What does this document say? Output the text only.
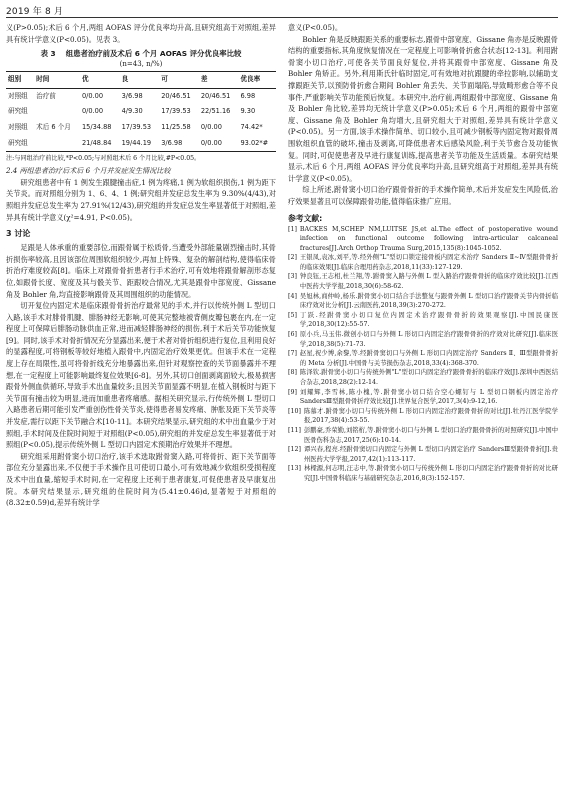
2019 年 8 月

义(P>0.05);术后 6 个月,两组 AOFAS 评分优良率均升高,且研究组高于对照组,差异具有统计学意义(P<0.05)。见表 3。

表 3 组患者治疗前及术后 6 个月 AOFAS 评分优良率比较
(n=43, n/%)
组别	时间	优	良	可	差	优良率
对照组	治疗前	0/0.00	3/6.98	20/46.51	20/46.51	6.98
研究组		0/0.00	4/9.30	17/39.53	22/51.16	9.30
对照组	术后 6 个月	15/34.88	17/39.53	11/25.58	0/0.00	74.42*
研究组		21/48.84	19/44.19	3/6.98	0/0.00	93.02*#
注:与同组治疗前比较,*P<0.05;与对照组术后 6 个月比较,#P<0.05。
2.4 两组患者治疗后术后 6 个月并发症发生情况比较

研究组患者中有 1 例发生跟腱撞击症,1 例为疼痛,1 例为软组织损伤,1 例为距下关节炎。而对照组分别为 1、6、4、1 例;研究组并发症总发生率为 9.30%(4/43),对照组并发症总发生率为 27.91%(12/43),研究组的并发症总发生率显著低于对照组,差异具有统计学意义(χ²=4.91, P<0.05)。

3 讨论

足跟是人体承重的重要部位,而跟骨属于松质骨,当遭受外部能量剧烈撞击时,其骨折损伤率较高,且因该部位周围软组织较少,再加上特殊、复杂的解剖结构,使得临床骨折治疗难度较高[8]。临床上对跟骨骨折患者行手术治疗,可有效地将跟骨解剖形态复位,如跟骨长度、宽度及其与骰关节、距跟咬合情况,尤其是跟骨中部宽度、Gissane 角及 Bohler 角,均直接影响跟骨及其周围组织的功能情况。

切开复位内固定术是临床跟骨骨折治疗最常见的手术,并行以传统外侧 L 型切口入路,该手术对腓骨肌腱、腓肠神经无影响,可使其完整地被背侧皮瓣包裹在内,在一定程度上可保障后腓肠动脉供血正常,进而减轻腓肠神经的损伤,利于术后关节功能恢复[9]。同时,该手术对骨折情况充分显露出来,便于术者对骨折组织进行复位,且利用良好的显露程度,可将钢板等较好地植入跟骨中,内固定治疗效果更优。但该手术在一定程度上存在局限性,虽可将骨折线充分地暴露出来,但针对观察控查的关节面暴露并不理想,在一定程度上可能影响最终复位效果[6-8]。另外,其切口创面剥离面较大,极易损害跟骨外侧血供循环,导致手术出血量较多;且因关节面显露不明显,在植入钢板时与距下关节面有撞击较为明显,进而加重患者疼痛感。据相关研究显示,行传统外侧 L 型切口入路患者后期可能引发严重创伤性骨关节炎,使得患者易发疼痛、肿胀及距下关节炎等并发症,需行以距下关节融合术[10-11]。本研究结果显示,研究组的术中出血量少于对照组,手术时间及住院时间短于对照组(P<0.05),研究组的并发症总发生率显著低于对照组(P<0.05),提示传统外侧 L 型切口内固定术预期治疗效果并不理想。

研究组采用跗骨窦小切口治疗,该手术选取跗骨窦入路,可将骨折、距下关节面等部位充分显露出来,不仅便于手术操作且可使切口最小,可有效地减少软组织受损程度及术中出血量,缩短手术时间,在一定程度上还利于患者康复,可促使患者及早康复出院。本研究结果显示,研究组的住院时间为(5.41±0.46)d,显著短于对照组的(8.32±0.59)d,差异有统计学

意义(P<0.05)。

Bohler 角是反映跟距关系的重要标志,跟骨中部宽度、Gissane 角亦是反映跟骨结构的重要指标,其角度恢复情况在一定程度上可影响骨折愈合状态[12-13]。利用跗骨窦小切口治疗,可使各关节面良好复位,并将其跟骨中部宽度、Gissane 角及 Bohler 角矫正。另外,利用斯氏针临时固定,可有效地对抗跟腱的牵拉影响,以辅助支撑跟距关节,以预防骨折愈合期间 Bohler 角丢失、关节面塌陷,导致畸形愈合等不良事件,严重影响关节功能预后恢复。本研究中,治疗前,两组跟骨中部宽度、Gissane 角及 Bohler 角比较,差异均无统计学意义(P>0.05);术后 6 个月,两组的跟骨中部宽度、Gissane 角及 Bohler 角均增大,且研究组大于对照组,差异具有统计学意义(P<0.05)。另一方面,该手术操作简单、切口较小,且可减少钢板等内固定物对跟骨周围软组织血管的破坏,撞击及剥离,可降低患者术后感染风险,利于关节愈合及功能恢复。同时,可促使患者及早进行康复训练,提高患者关节功能及生活质量。本研究结果显示,术后 6 个月,两组 AOFAS 评分优良率均升高,且研究组高于对照组,差异具有统计学意义(P<0.05)。

综上所述,跗骨窦小切口治疗跟骨骨折的手术操作简单,术后并发症发生风险低,治疗效果显著且可以保障跟骨功能,值得临床推广应用。

参考文献:
[1] BACKES M,SCHEP NM,LUITSE JS,et al.The effect of postoperative wound infection on functional outcome following intra-articular calcaneal fractures[J].Arch Orthop Trauma Surg,2015,135(8):1045-1052.
[2] 王银凤,袁冰,刘平,等.经外侧"L"型切口锁定接骨板内固定术治疗 Sanders Ⅱ~Ⅳ型跟骨骨折的临床效果[J].临床合理用药杂志,2018,11(33):127-129.
[3] 钟良钰,王志相,杜兰翔,等.跗骨窦入路与外侧 L 型入路治疗跟骨骨折的临床疗效比较[J].江西中医药大学学报,2018,30(6):58-62.
[4] 吴旭林,商仲岭,杨乐.跗骨窦小切口结合手法整复与跟骨外侧 L 型切口治疗跟骨关节内骨折临床疗效对比分析[J].云南医药,2018,39(3):270-272.
[5] 丁跃.经跗骨窦小切口复位内固定术治疗跟骨骨折的效果观察[J].中国民康医学,2018,30(12):55-57.
[6] 原小兵,马玉伟.微创小切口与外侧 L 形切口内固定治疗跟骨骨折的疗效对比研究[J].临床医学,2018,38(5):71-73.
[7] 赵星,祝少博,余黎,等.经跗骨窦切口与外侧 L 形切口内固定治疗 Sanders Ⅱ、Ⅲ型跟骨骨折的 Meta 分析[J].中国骨与关节损伤杂志,2018,33(4):368-370.
[8] 陈泽钦.跗骨窦小切口与传统外侧"L"型切口内固定治疗跟骨骨折的临床疗效[J].深圳中西医结合杂志,2018,28(2):12-14.
[9] 刘耀辉,李雪林,陈小槐,等.跗骨窦小切口结合空心螺钉与 L 型切口钢板内固定治疗 SandersⅢ型跟骨骨折疗效比较[J].世界复合医学,2017,3(4):9-12,16.
[10] 陈慕才.跗骨窦小切口与传统外侧 L 形切口内固定治疗跟骨骨折的对比[J].牡丹江医学院学报,2017,38(4):53-55.
[11] 彭鹏豪,乔荣勤,刘铭桁,等.跗骨窦小切口与外侧 L 型切口治疗跟骨骨折的对照研究[J].中国中医骨伤科杂志,2017,25(6):10-14.
[12] 谭兴春,程亮.经跗骨窦切口内固定与外侧 L 型切口内固定治疗 SandersⅢ型跟骨骨折[J].贵州医药大学学报,2017,42(1):113-117.
[13] 林樑源,何志明,汪志中,等.跗骨窦小切口与传统外侧 L 形切口内固定治疗跟骨骨折的对比研究[J].中国骨科临床与基础研究杂志,2016,8(3):152-157.
